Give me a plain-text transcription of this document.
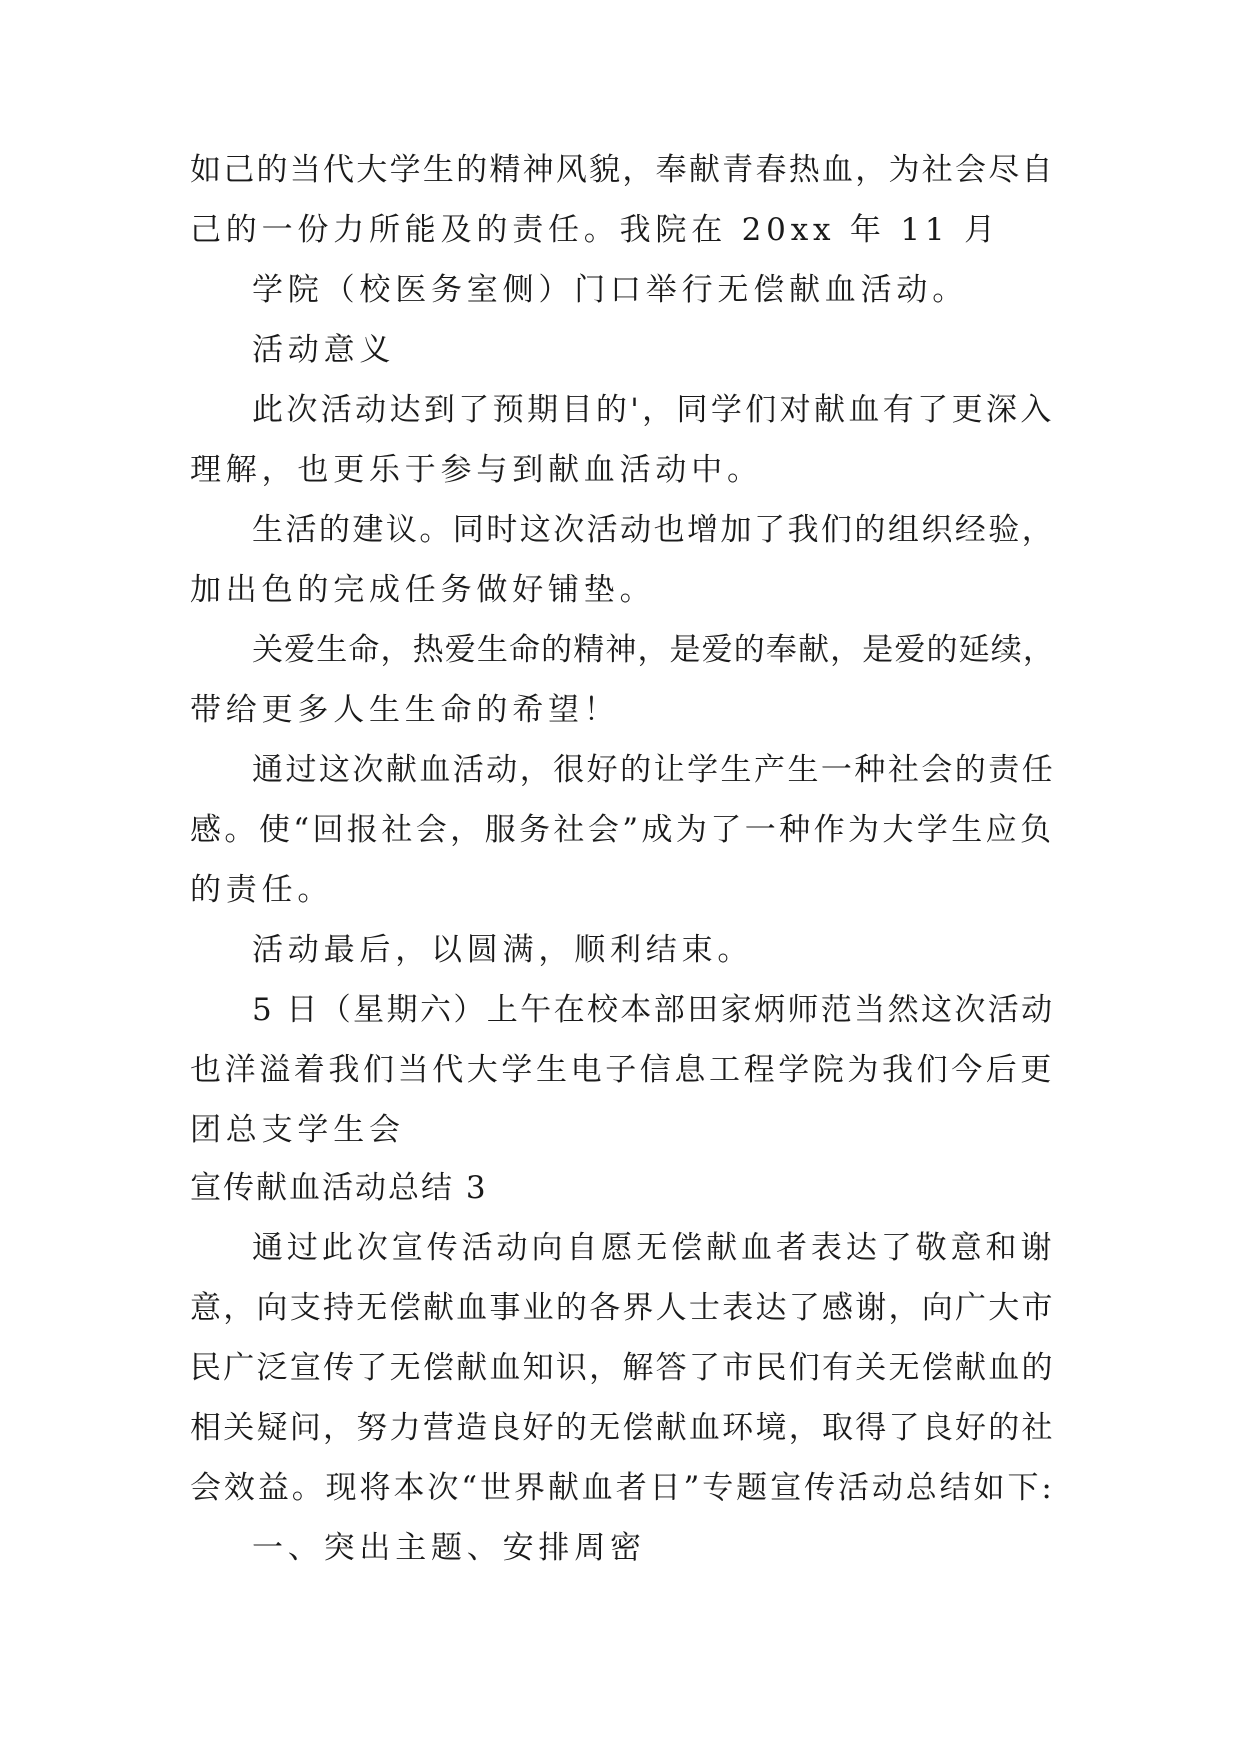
如己的当代大学生的精神风貌，奉献青春热血，为社会尽自
己的一份力所能及的责任。我院在 20xx 年 11 月
学院（校医务室侧）门口举行无偿献血活动。
活动意义
此次活动达到了预期目的'，同学们对献血有了更深入
理解，也更乐于参与到献血活动中。
生活的建议。同时这次活动也增加了我们的组织经验，
加出色的完成任务做好铺垫。
关爱生命，热爱生命的精神，是爱的奉献，是爱的延续，
带给更多人生生命的希望！
通过这次献血活动，很好的让学生产生一种社会的责任
感。使“回报社会，服务社会”成为了一种作为大学生应负
的责任。
活动最后，以圆满，顺利结束。
5 日（星期六）上午在校本部田家炳师范当然这次活动
也洋溢着我们当代大学生电子信息工程学院为我们今后更
团总支学生会
宣传献血活动总结 3
通过此次宣传活动向自愿无偿献血者表达了敬意和谢
意，向支持无偿献血事业的各界人士表达了感谢，向广大市
民广泛宣传了无偿献血知识，解答了市民们有关无偿献血的
相关疑问，努力营造良好的无偿献血环境，取得了良好的社
会效益。现将本次“世界献血者日”专题宣传活动总结如下:
一、突出主题、安排周密
